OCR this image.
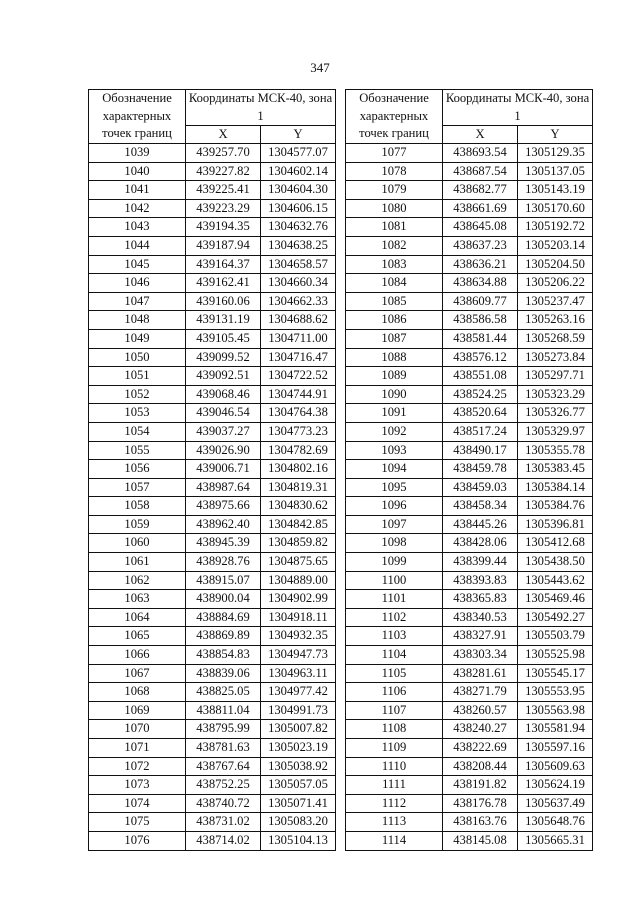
347
Обозначение характерных точек границ	Координаты МСК-40, зона 1	
	X	Y
1039	439257.70	1304577.07
1040	439227.82	1304602.14
1041	439225.41	1304604.30
1042	439223.29	1304606.15
1043	439194.35	1304632.76
1044	439187.94	1304638.25
1045	439164.37	1304658.57
1046	439162.41	1304660.34
1047	439160.06	1304662.33
1048	439131.19	1304688.62
1049	439105.45	1304711.00
1050	439099.52	1304716.47
1051	439092.51	1304722.52
1052	439068.46	1304744.91
1053	439046.54	1304764.38
1054	439037.27	1304773.23
1055	439026.90	1304782.69
1056	439006.71	1304802.16
1057	438987.64	1304819.31
1058	438975.66	1304830.62
1059	438962.40	1304842.85
1060	438945.39	1304859.82
1061	438928.76	1304875.65
1062	438915.07	1304889.00
1063	438900.04	1304902.99
1064	438884.69	1304918.11
1065	438869.89	1304932.35
1066	438854.83	1304947.73
1067	438839.06	1304963.11
1068	438825.05	1304977.42
1069	438811.04	1304991.73
1070	438795.99	1305007.82
1071	438781.63	1305023.19
1072	438767.64	1305038.92
1073	438752.25	1305057.05
1074	438740.72	1305071.41
1075	438731.02	1305083.20
1076	438714.02	1305104.13
Обозначение характерных точек границ	Координаты МСК-40, зона 1	
	X	Y
1077	438693.54	1305129.35
1078	438687.54	1305137.05
1079	438682.77	1305143.19
1080	438661.69	1305170.60
1081	438645.08	1305192.72
1082	438637.23	1305203.14
1083	438636.21	1305204.50
1084	438634.88	1305206.22
1085	438609.77	1305237.47
1086	438586.58	1305263.16
1087	438581.44	1305268.59
1088	438576.12	1305273.84
1089	438551.08	1305297.71
1090	438524.25	1305323.29
1091	438520.64	1305326.77
1092	438517.24	1305329.97
1093	438490.17	1305355.78
1094	438459.78	1305383.45
1095	438459.03	1305384.14
1096	438458.34	1305384.76
1097	438445.26	1305396.81
1098	438428.06	1305412.68
1099	438399.44	1305438.50
1100	438393.83	1305443.62
1101	438365.83	1305469.46
1102	438340.53	1305492.27
1103	438327.91	1305503.79
1104	438303.34	1305525.98
1105	438281.61	1305545.17
1106	438271.79	1305553.95
1107	438260.57	1305563.98
1108	438240.27	1305581.94
1109	438222.69	1305597.16
1110	438208.44	1305609.63
1111	438191.82	1305624.19
1112	438176.78	1305637.49
1113	438163.76	1305648.76
1114	438145.08	1305665.31
